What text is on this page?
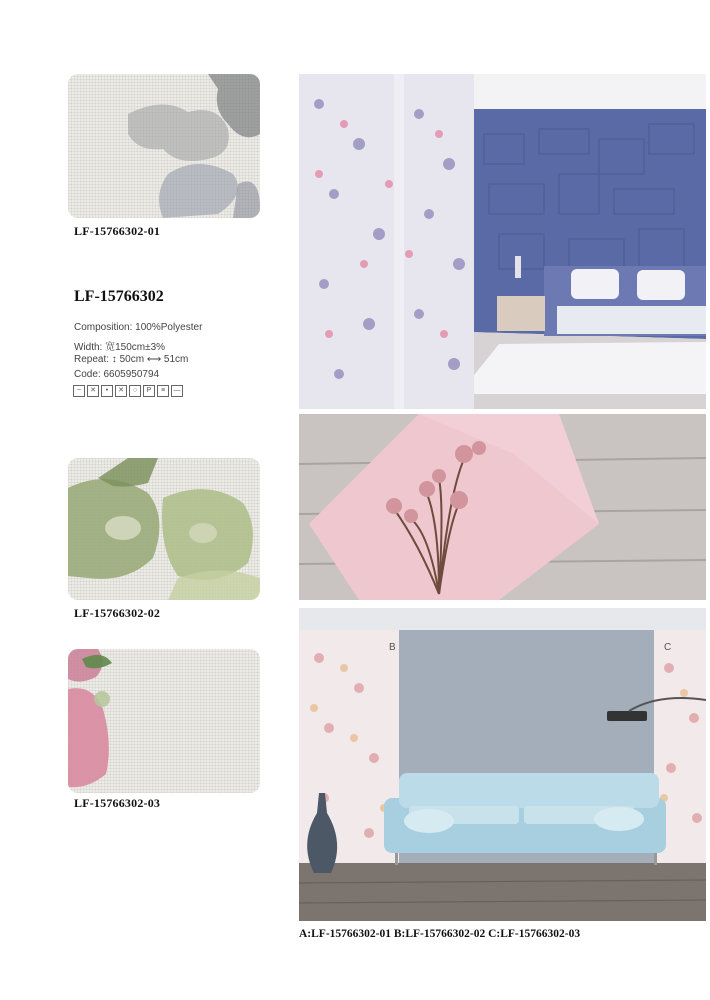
LF-15766302-01
LF-15766302
Composition: 100%Polyester
Width: 宽150cm±3%
Repeat: ↕ 50cm ⟷ 51cm
Code: 6605950794
~	✕	•	✕	○	P	≡	—
LF-15766302-02
LF-15766302-03
B	C
A:LF-15766302-01 B:LF-15766302-02 C:LF-15766302-03
